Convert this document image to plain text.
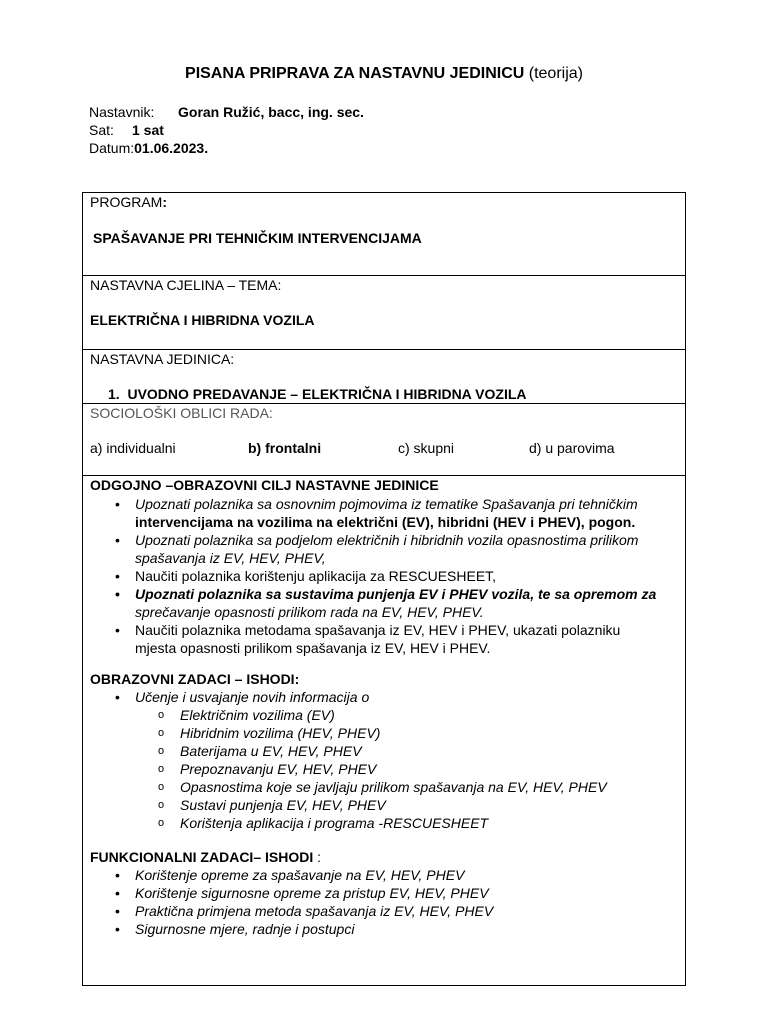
PISANA PRIPRAVA ZA NASTAVNU JEDINICU (teorija)
Nastavnik: Goran Ružić, bacc, ing. sec.
Sat: 1 sat
Datum:01.06.2023.
PROGRAM:
SPAŠAVANJE PRI TEHNIČKIM INTERVENCIJAMA
NASTAVNA CJELINA – TEMA:
ELEKTRIČNA I HIBRIDNA VOZILA
NASTAVNA JEDINICA:
1. UVODNO PREDAVANJE – ELEKTRIČNA I HIBRIDNA VOZILA
SOCIOLOŠKI OBLICI RADA:
a) individualni	b) frontalni	c) skupni	d) u parovima
ODGOJNO –OBRAZOVNI CILJ NASTAVNE JEDINICE
• Upoznati polaznika sa osnovnim pojmovima iz tematike Spašavanja pri tehničkim
intervencijama na vozilima na električni (EV), hibridni (HEV i PHEV), pogon.
• Upoznati polaznika sa podjelom električnih i hibridnih vozila opasnostima prilikom
spašavanja iz EV, HEV, PHEV,
• Naučiti polaznika korištenju aplikacija za RESCUESHEET,
• Upoznati polaznika sa sustavima punjenja EV i PHEV vozila, te sa opremom za
sprečavanje opasnosti prilikom rada na EV, HEV, PHEV.
• Naučiti polaznika metodama spašavanja iz EV, HEV i PHEV, ukazati polazniku
mjesta opasnosti prilikom spašavanja iz EV, HEV i PHEV.
OBRAZOVNI ZADACI – ISHODI:
• Učenje i usvajanje novih informacija o
o Električnim vozilima (EV)
o Hibridnim vozilima (HEV, PHEV)
o Baterijama u EV, HEV, PHEV
o Prepoznavanju EV, HEV, PHEV
o Opasnostima koje se javljaju prilikom spašavanja na EV, HEV, PHEV
o Sustavi punjenja EV, HEV, PHEV
o Korištenja aplikacija i programa -RESCUESHEET
FUNKCIONALNI ZADACI– ISHODI :
• Korištenje opreme za spašavanje na EV, HEV, PHEV
• Korištenje sigurnosne opreme za pristup EV, HEV, PHEV
• Praktična primjena metoda spašavanja iz EV, HEV, PHEV
• Sigurnosne mjere, radnje i postupci
